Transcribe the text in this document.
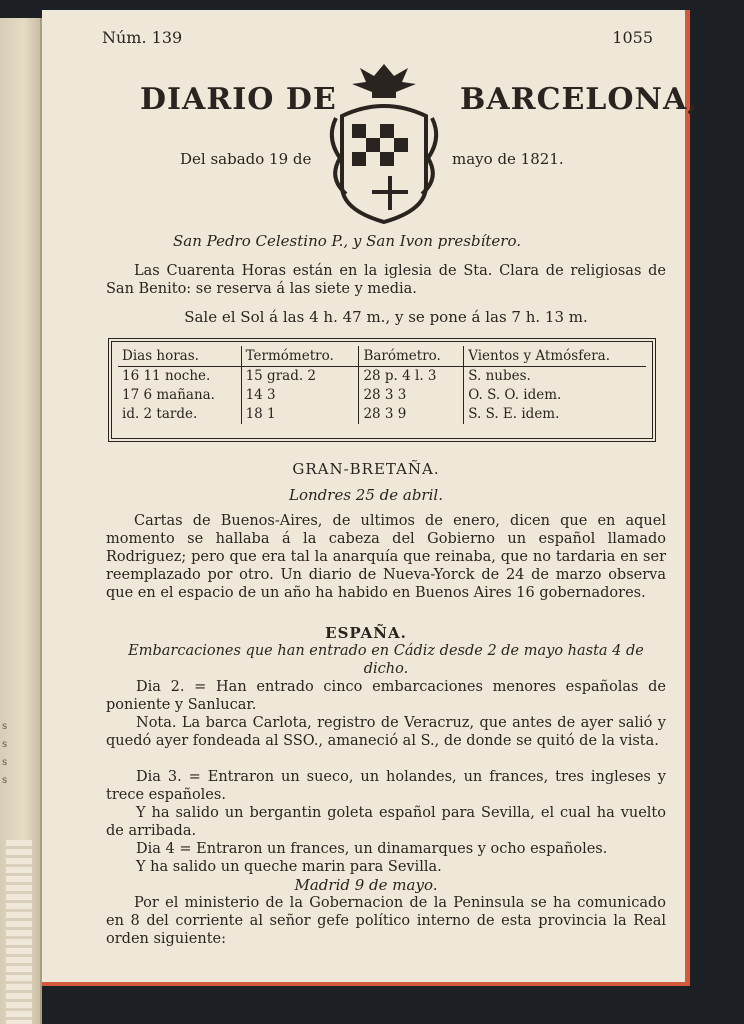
s
s
s
s
Núm. 139	1055
DIARIO DE	BARCELONA,
Del sabado 19 de	mayo de 1821.
San Pedro Celestino P., y San Ivon presbítero.
Las Cuarenta Horas están en la iglesia de Sta. Clara de religiosas de San Benito: se reserva á las siete y media.
Sale el Sol á las 4 h. 47 m., y se pone á las 7 h. 13 m.
Dias horas.	Termómetro.	Barómetro.	Vientos y Atmósfera.
16 11 noche.	15 grad. 2	28 p. 4 l. 3	S. nubes.
17 6 mañana.	14 3	28 3 3	O. S. O. idem.
id. 2 tarde.	18 1	28 3 9	S. S. E. idem.
GRAN-BRETAÑA.
Londres 25 de abril.
Cartas de Buenos-Aires, de ultimos de enero, dicen que en aquel momento se hallaba á la cabeza del Gobierno un español llamado Rodriguez; pero que era tal la anarquía que reinaba, que no tardaria en ser reemplazado por otro. Un diario de Nueva-Yorck de 24 de marzo observa que en el espacio de un año ha habido en Buenos Aires 16 gobernadores.
ESPAÑA.
Embarcaciones que han entrado en Cádiz desde 2 de mayo hasta 4 de dicho.
Dia 2. = Han entrado cinco embarcaciones menores españolas de poniente y Sanlucar.
Nota. La barca Carlota, registro de Veracruz, que antes de ayer salió y quedó ayer fondeada al SSO., amaneció al S., de donde se quitó de la vista.
Dia 3. = Entraron un sueco, un holandes, un frances, tres ingleses y trece españoles.
Y ha salido un bergantin goleta español para Sevilla, el cual ha vuelto de arribada.
Dia 4 = Entraron un frances, un dinamarques y ocho españoles.
Y ha salido un queche marin para Sevilla.
Madrid 9 de mayo.
Por el ministerio de la Gobernacion de la Peninsula se ha comunicado en 8 del corriente al señor gefe político interno de esta provincia la Real orden siguiente:
